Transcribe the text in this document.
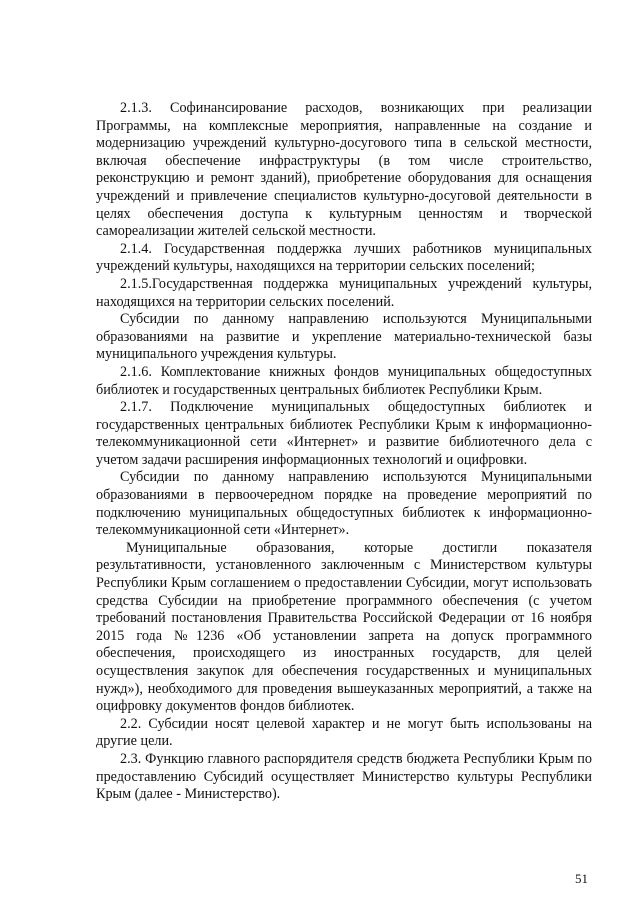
2.1.3. Софинансирование расходов, возникающих при реализации Программы, на комплексные мероприятия, направленные на создание и модернизацию учреждений культурно-досугового типа в сельской местности, включая обеспечение инфраструктуры (в том числе строительство, реконструкцию и ремонт зданий), приобретение оборудования для оснащения учреждений и привлечение специалистов культурно-досуговой деятельности в целях обеспечения доступа к культурным ценностям и творческой самореализации жителей сельской местности.

2.1.4. Государственная поддержка лучших работников муниципальных учреждений культуры, находящихся на территории сельских поселений;

2.1.5.Государственная поддержка муниципальных учреждений культуры, находящихся на территории сельских поселений.

Субсидии по данному направлению используются Муниципальными образованиями на развитие и укрепление материально-технической базы муниципального учреждения культуры.

2.1.6. Комплектование книжных фондов муниципальных общедоступных библиотек и государственных центральных библиотек Республики Крым.

2.1.7. Подключение муниципальных общедоступных библиотек и государственных центральных библиотек Республики Крым к информационно-телекоммуникационной сети «Интернет» и развитие библиотечного дела с учетом задачи расширения информационных технологий и оцифровки.

Субсидии по данному направлению используются Муниципальными образованиями в первоочередном порядке на проведение мероприятий по подключению муниципальных общедоступных библиотек к информационно-телекоммуникационной сети «Интернет».

Муниципальные образования, которые достигли показателя результативности, установленного заключенным с Министерством культуры Республики Крым соглашением о предоставлении Субсидии, могут использовать средства Субсидии на приобретение программного обеспечения (с учетом требований постановления Правительства Российской Федерации от 16 ноября 2015 года №1236 «Об установлении запрета на допуск программного обеспечения, происходящего из иностранных государств, для целей осуществления закупок для обеспечения государственных и муниципальных нужд»), необходимого для проведения вышеуказанных мероприятий, а также на оцифровку документов фондов библиотек.

2.2. Субсидии носят целевой характер и не могут быть использованы на другие цели.

2.3. Функцию главного распорядителя средств бюджета Республики Крым по предоставлению Субсидий осуществляет Министерство культуры Республики Крым (далее - Министерство).

51
